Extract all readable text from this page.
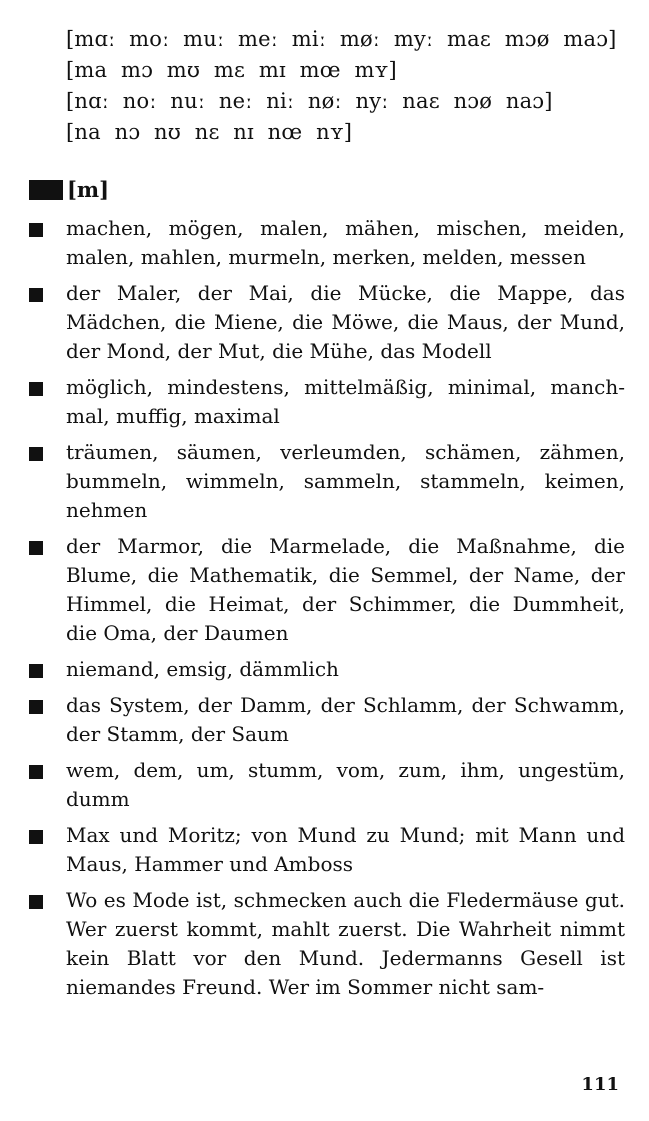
[mɑː  moː  muː  meː  miː  møː  myː  maɛ  mɔø  maɔ]
[ma  mɔ  mʊ  mɛ  mɪ  mœ  mʏ]
[nɑː  noː  nuː  neː  niː  nøː  nyː  naɛ  nɔø  naɔ]
[na  nɔ  nʊ  nɛ  nɪ  nœ  nʏ]
[m]
machen, mögen, malen, mähen, mischen, meiden, malen, mahlen, murmeln, merken, melden, messen
der Maler, der Mai, die Mücke, die Mappe, das Mädchen, die Miene, die Möwe, die Maus, der Mund, der Mond, der Mut, die Mühe, das Modell
möglich, mindestens, mittelmäßig, minimal, manchmal, muffig, maximal
träumen, säumen, verleumden, schämen, zähmen, bummeln, wimmeln, sammeln, stammeln, keimen, nehmen
der Marmor, die Marmelade, die Maßnahme, die Blume, die Mathematik, die Semmel, der Name, der Himmel, die Heimat, der Schimmer, die Dummheit, die Oma, der Daumen
niemand, emsig, dämmlich
das System, der Damm, der Schlamm, der Schwamm, der Stamm, der Saum
wem, dem, um, stumm, vom, zum, ihm, ungestüm, dumm
Max und Moritz; von Mund zu Mund; mit Mann und Maus, Hammer und Amboss
Wo es Mode ist, schmecken auch die Fledermäuse gut. Wer zuerst kommt, mahlt zuerst. Die Wahrheit nimmt kein Blatt vor den Mund. Jedermanns Gesell ist niemandes Freund. Wer im Sommer nicht sam-
111
